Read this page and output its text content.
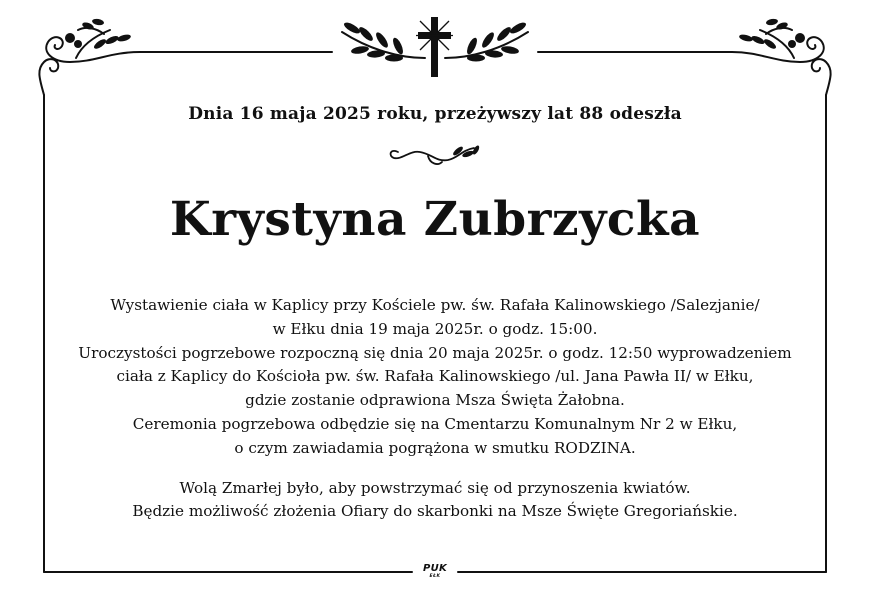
Dnia 16 maja 2025 roku, przeżywszy lat 88 odeszła
Krystyna Zubrzycka
Wystawienie ciała w Kaplicy przy Kościele pw. św. Rafała Kalinowskiego /Salezjanie/
w Ełku dnia 19 maja 2025r. o godz. 15:00.
Uroczystości pogrzebowe rozpoczną się dnia 20 maja 2025r. o godz. 12:50 wyprowadzeniem
ciała z Kaplicy do Kościoła pw. św. Rafała Kalinowskiego /ul. Jana Pawła II/ w Ełku,
gdzie zostanie odprawiona Msza Święta Żałobna.
Ceremonia pogrzebowa odbędzie się na Cmentarzu Komunalnym Nr 2 w Ełku,
o czym zawiadamia pogrążona w smutku RODZINA.
Wolą Zmarłej było, aby powstrzymać się od przynoszenia kwiatów.
Będzie możliwość złożenia Ofiary do skarbonki na Msze Święte Gregoriańskie.
PUK
EŁK
